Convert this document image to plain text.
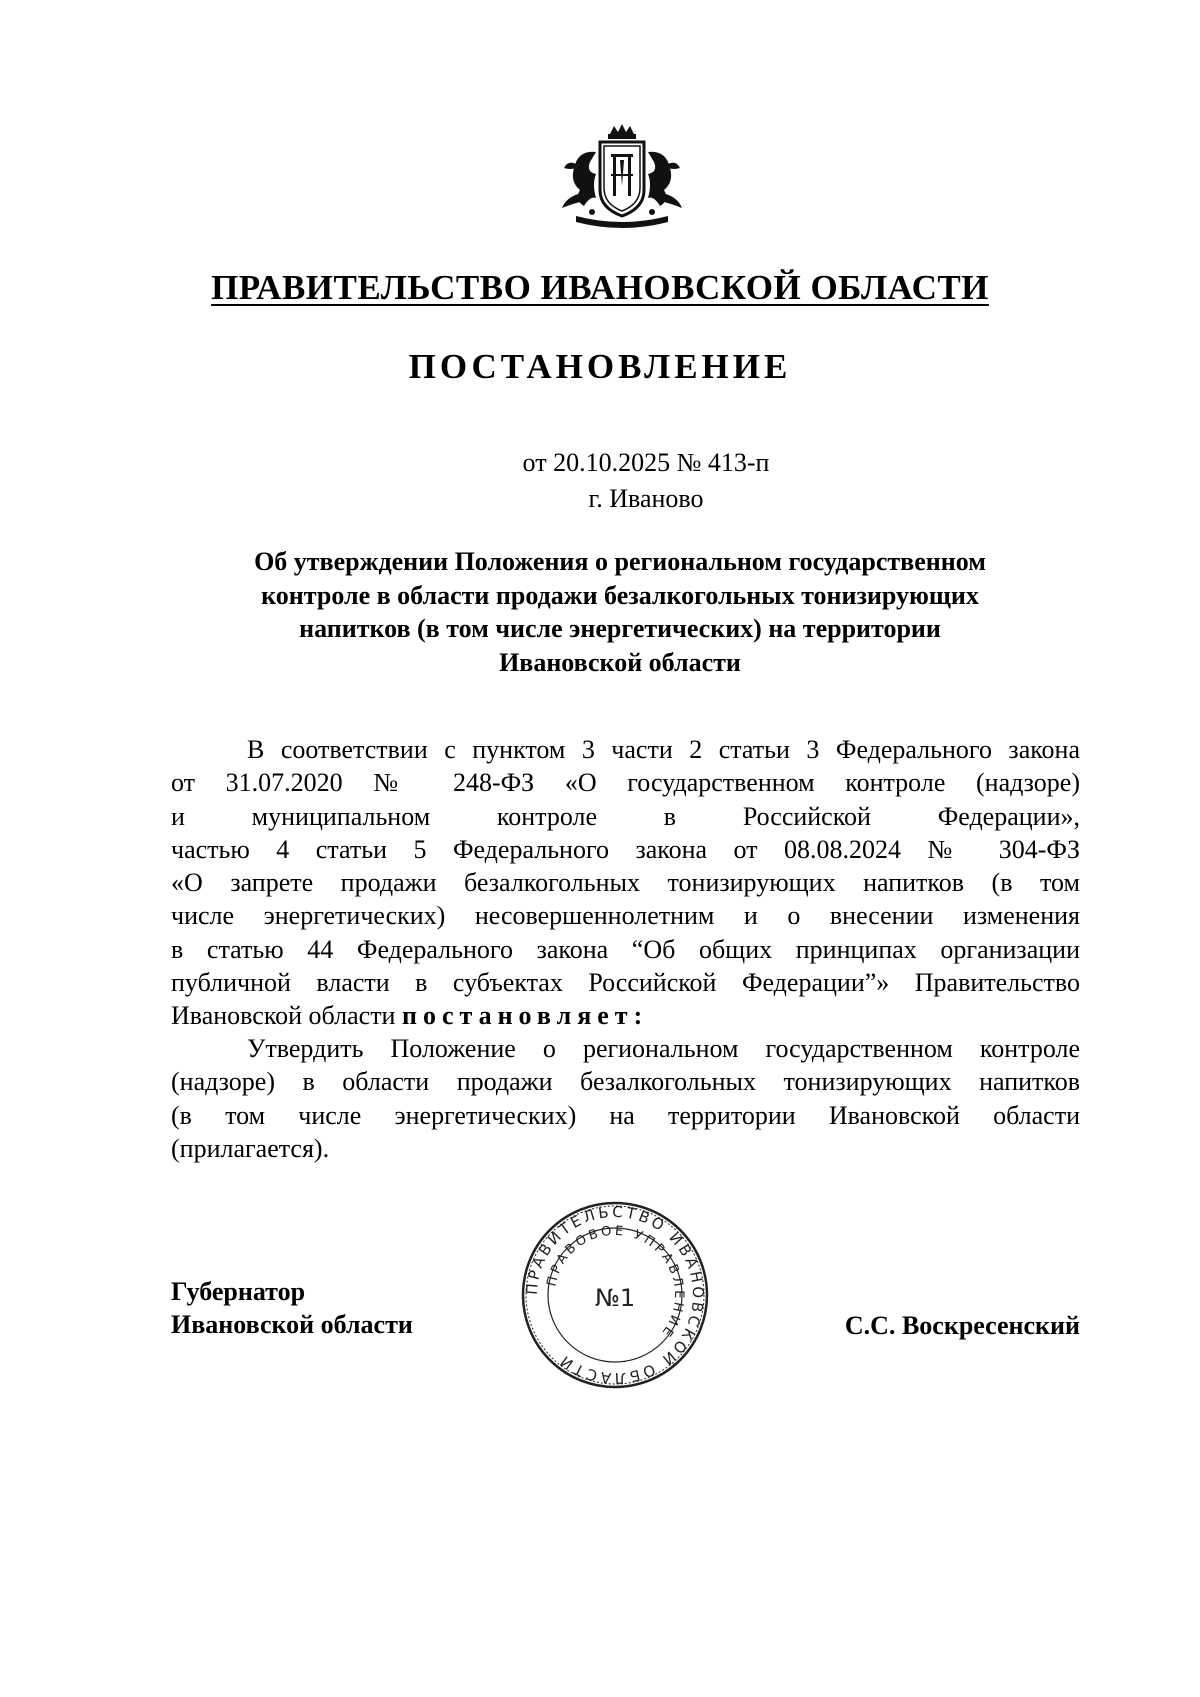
ПРАВИТЕЛЬСТВО ИВАНОВСКОЙ ОБЛАСТИ
ПОСТАНОВЛЕНИЕ
от 20.10.2025 № 413-п
г. Иваново
Об утверждении Положения о региональном государственном
контроле в области продажи безалкогольных тонизирующих
напитков (в том числе энергетических) на территории
Ивановской области
В соответствии с пунктом 3 части 2 статьи 3 Федерального закона
от 31.07.2020 № 248-ФЗ «О государственном контроле (надзоре)
и муниципальном контроле в Российской Федерации»,
частью 4 статьи 5 Федерального закона от 08.08.2024 № 304-ФЗ
«О запрете продажи безалкогольных тонизирующих напитков (в том
числе энергетических) несовершеннолетним и о внесении изменения
в статью 44 Федерального закона “Об общих принципах организации
публичной власти в субъектах Российской Федерации”» Правительство
Ивановской области постановляет:
Утвердить Положение о региональном государственном контроле
(надзоре) в области продажи безалкогольных тонизирующих напитков
(в том числе энергетических) на территории Ивановской области
(прилагается).
Губернатор
Ивановской области
ПРАВИТЕЛЬСТВО ИВАНОВСКОЙ ОБЛАСТИ
ПРАВОВОЕ УПРАВЛЕНИЕ
№1
С.С. Воскресенский
